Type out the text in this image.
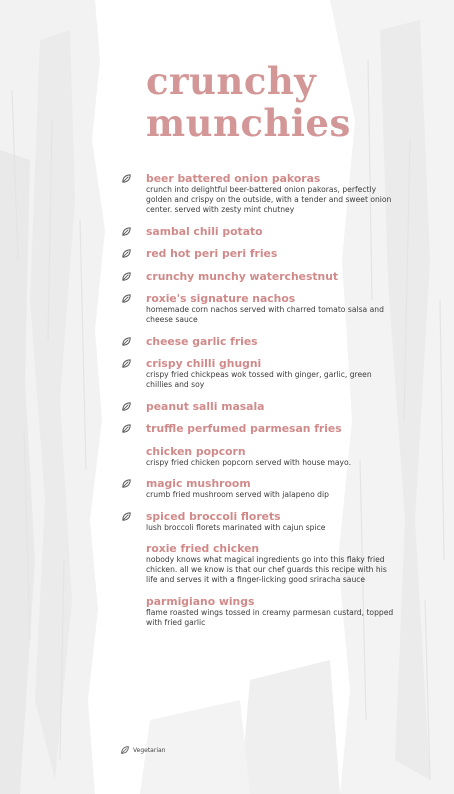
crunchy
munchies
beer battered onion pakoras
crunch into delightful beer-battered onion pakoras, perfectly golden and crispy on the outside, with a tender and sweet onion center. served with zesty mint chutney
sambal chili potato
red hot peri peri fries
crunchy munchy waterchestnut
roxie's signature nachos
homemade corn nachos served with charred tomato salsa and cheese sauce
cheese garlic fries
crispy chilli ghugni
crispy fried chickpeas wok tossed with ginger, garlic, green chillies and soy
peanut salli masala
truffle perfumed parmesan fries
chicken popcorn
crispy fried chicken popcorn served with house mayo.
magic mushroom
crumb fried mushroom served with jalapeno dip
spiced broccoli florets
lush broccoli florets marinated with cajun spice
roxie fried chicken
nobody knows what magical ingredients go into this flaky fried chicken. all we know is that our chef guards this recipe with his life and serves it with a finger-licking good sriracha sauce
parmigiano wings
flame roasted wings tossed in creamy parmesan custard, topped with fried garlic
Vegetarian
